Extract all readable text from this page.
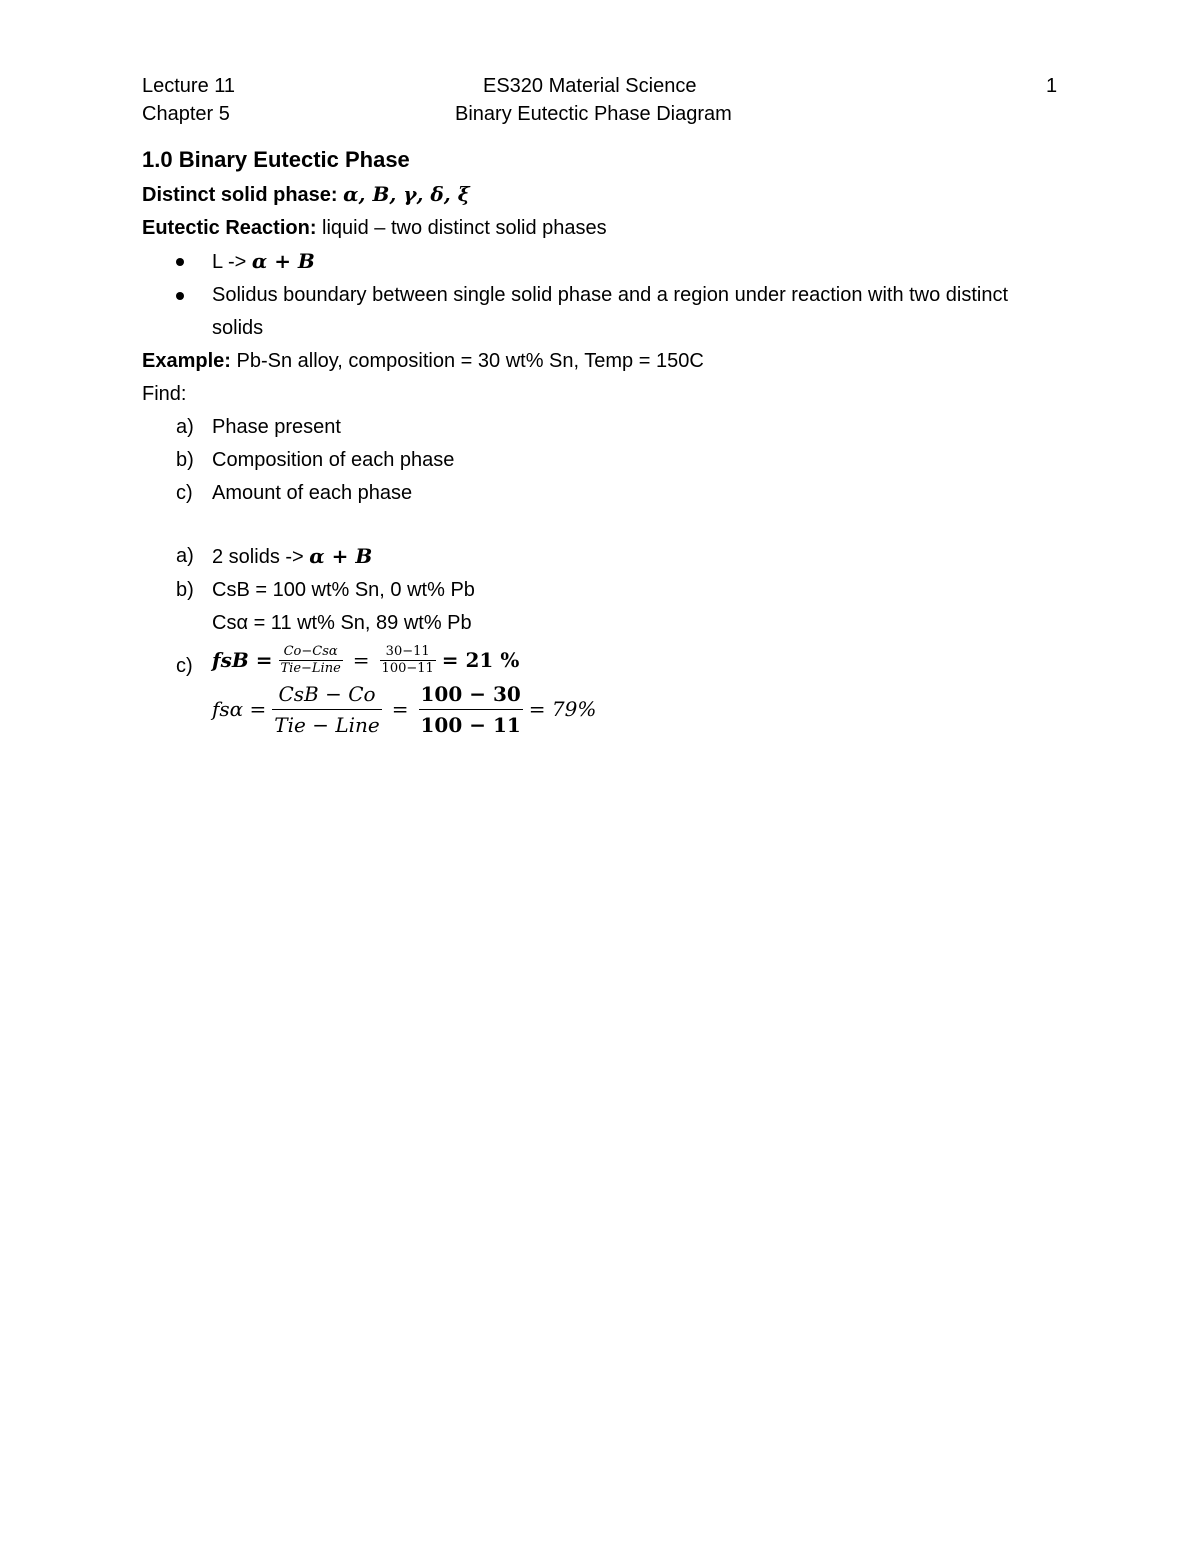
Lecture 11
Chapter 5
ES320 Material Science
Binary Eutectic Phase Diagram
1
1.0 Binary Eutectic Phase
Distinct solid phase: α, B, γ, δ, ξ
Eutectic Reaction: liquid – two distinct solid phases
L -> α + B
Solidus boundary between single solid phase and a region under reaction with two distinct solids
Example: Pb-Sn alloy, composition = 30 wt% Sn, Temp = 150C
Find:
a) Phase present
b) Composition of each phase
c) Amount of each phase
a) 2 solids -> α + B
b) CsB = 100 wt% Sn, 0 wt% Pb
Csα = 11 wt% Sn, 89 wt% Pb
c) fsB = $\frac{\text{Co−Csα}}{\text{Tie−Line}} = \frac{30-11}{100-11} = 21$ %
$fs\alpha = \frac{\text{CsB − Co}}{\text{Tie − Line}} = \frac{100 - 30}{100 - 11} = 79\%$
